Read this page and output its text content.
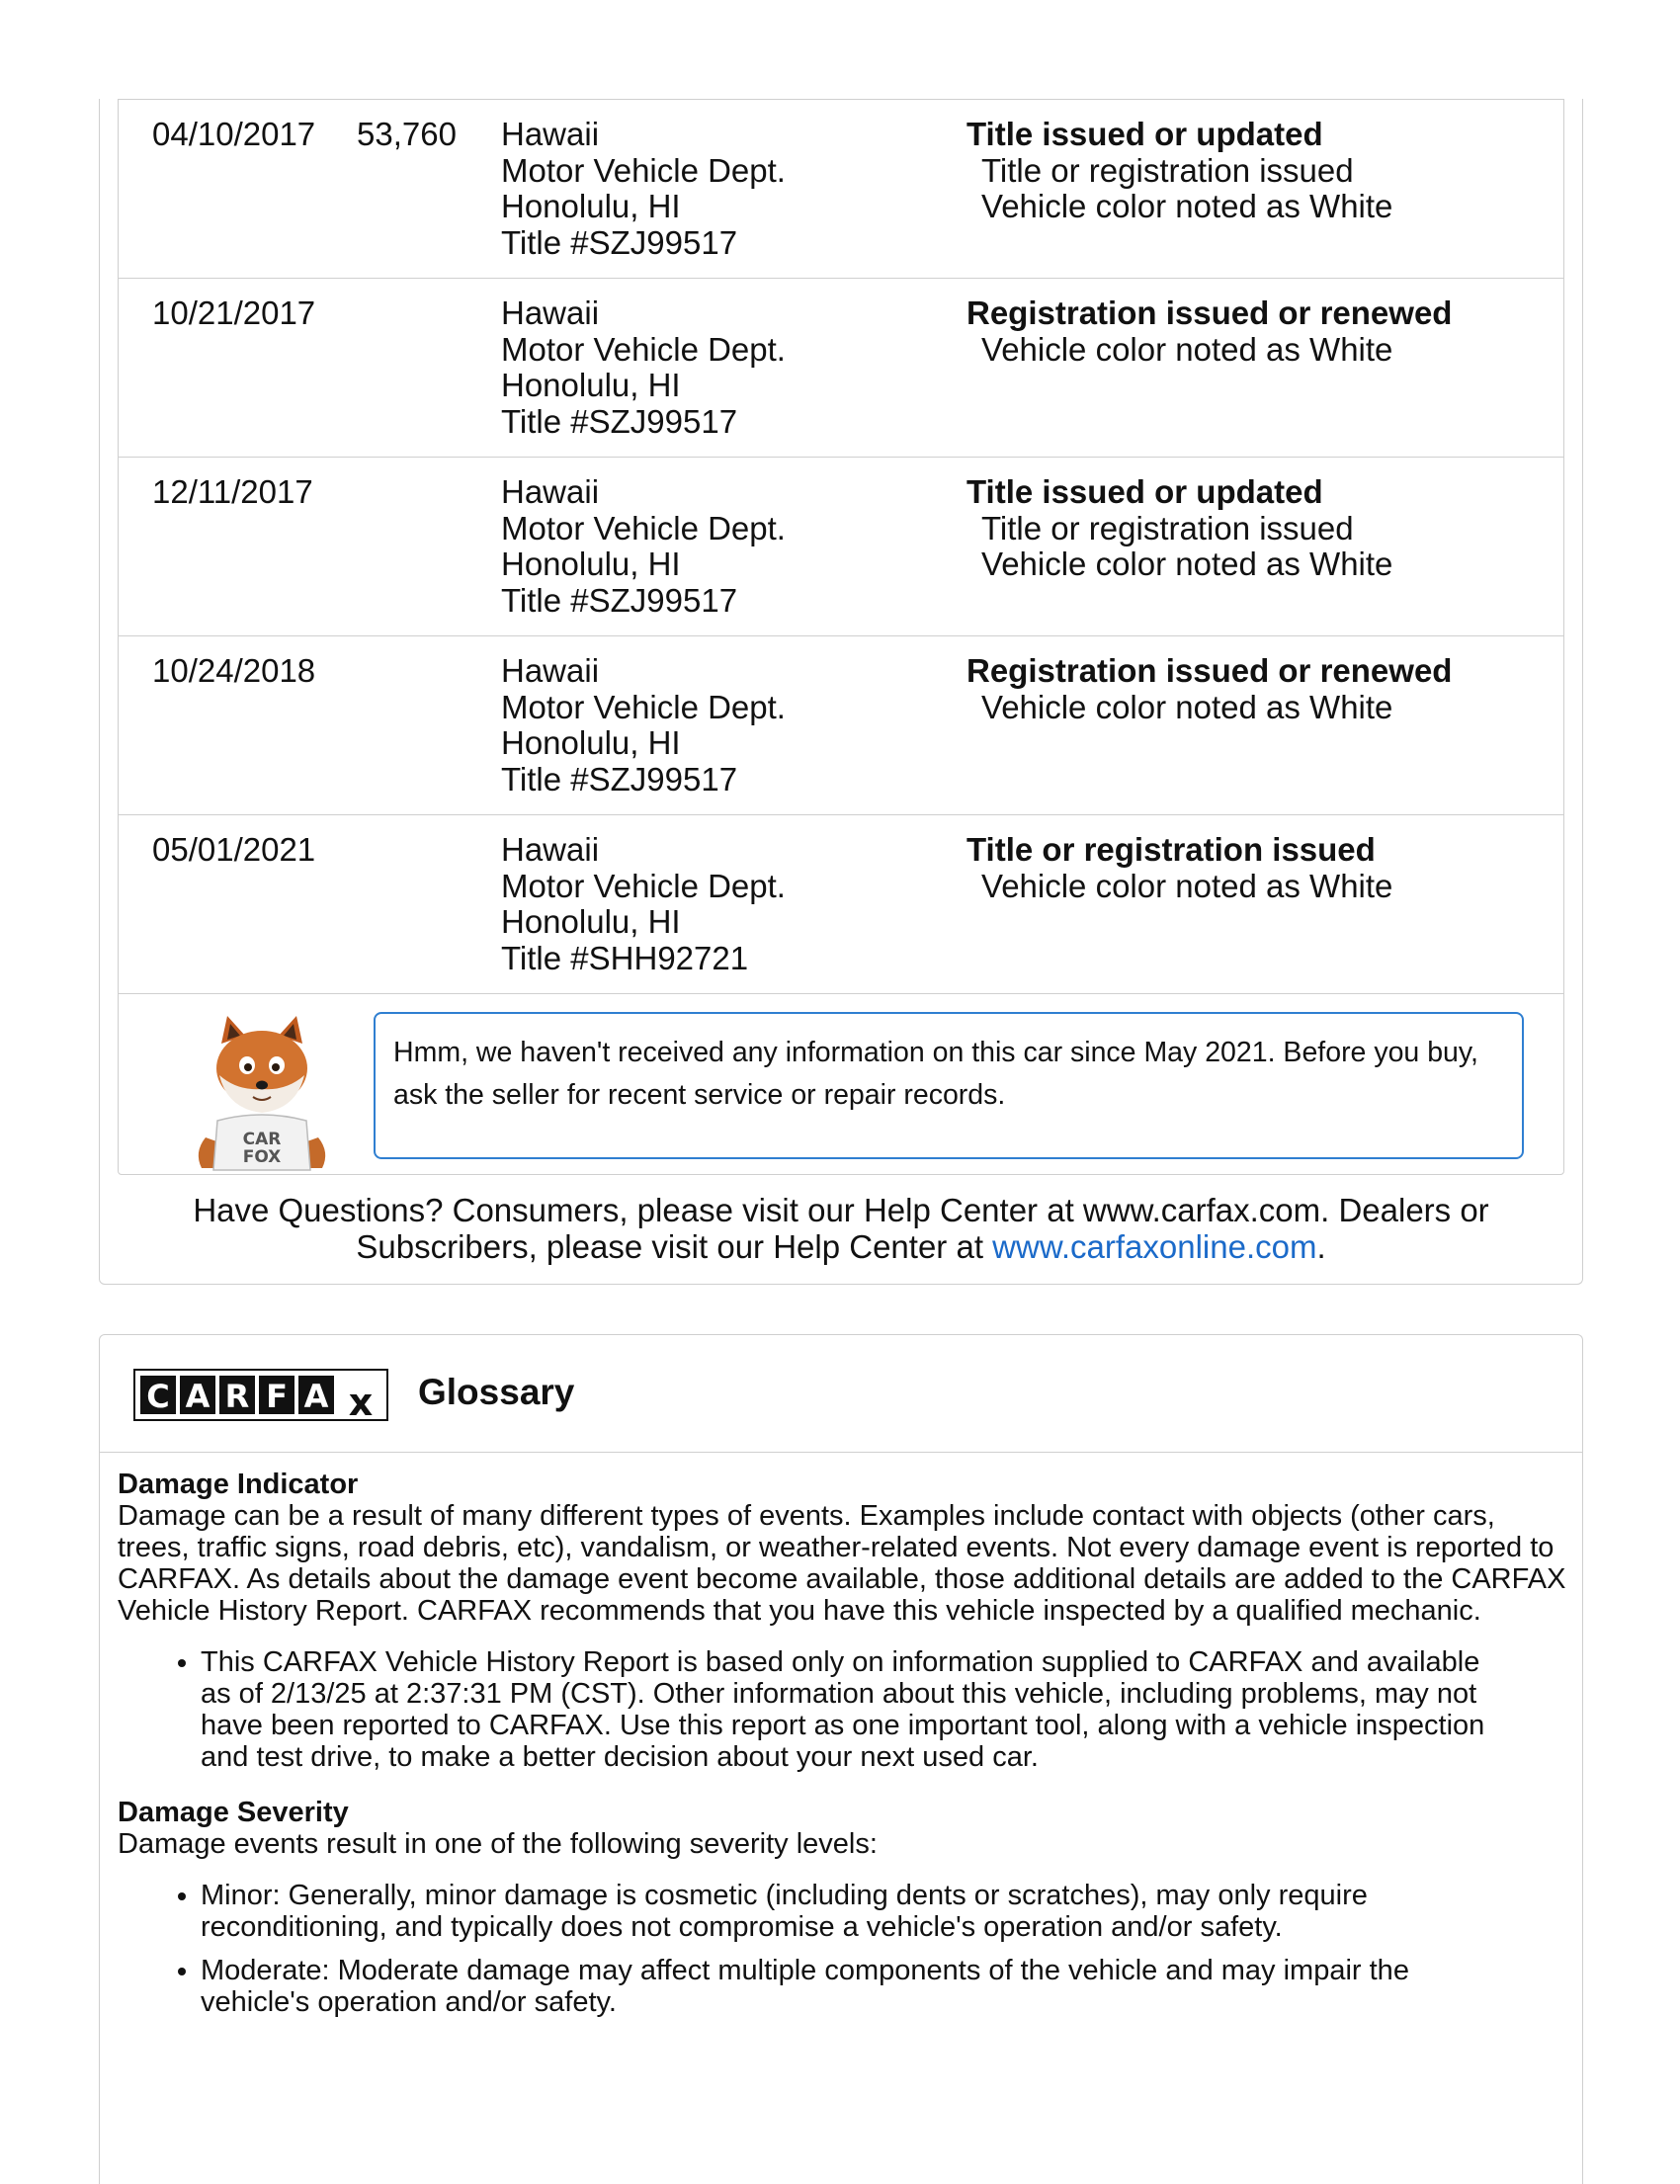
04/10/2017 53,760 Hawaii
Motor Vehicle Dept.
Honolulu, HI
Title #SZJ99517
Title issued or updated
Title or registration issued
Vehicle color noted as White
10/21/2017	Hawaii
Motor Vehicle Dept.
Honolulu, HI
Title #SZJ99517
Registration issued or renewed
Vehicle color noted as White
12/11/2017	Hawaii
Motor Vehicle Dept.
Honolulu, HI
Title #SZJ99517
Title issued or updated
Title or registration issued
Vehicle color noted as White
10/24/2018	Hawaii
Motor Vehicle Dept.
Honolulu, HI
Title #SZJ99517
Registration issued or renewed
Vehicle color noted as White
05/01/2021	Hawaii
Motor Vehicle Dept.
Honolulu, HI
Title #SHH92721
Title or registration issued
Vehicle color noted as White
CAR
FOX
Hmm, we haven't received any information on this car since May 2021. Before you buy, ask the seller for recent service or repair records.
Have Questions? Consumers, please visit our Help Center at www.carfax.com. Dealers or Subscribers, please visit our Help Center at www.carfaxonline.com.
C A R F A x Glossary
Damage Indicator
Damage can be a result of many different types of events. Examples include contact with objects (other cars, trees, traffic signs, road debris, etc), vandalism, or weather-related events. Not every damage event is reported to CARFAX. As details about the damage event become available, those additional details are added to the CARFAX Vehicle History Report. CARFAX recommends that you have this vehicle inspected by a qualified mechanic.
• This CARFAX Vehicle History Report is based only on information supplied to CARFAX and available as of 2/13/25 at 2:37:31 PM (CST). Other information about this vehicle, including problems, may not have been reported to CARFAX. Use this report as one important tool, along with a vehicle inspection and test drive, to make a better decision about your next used car.
Damage Severity
Damage events result in one of the following severity levels:
• Minor: Generally, minor damage is cosmetic (including dents or scratches), may only require reconditioning, and typically does not compromise a vehicle's operation and/or safety.
• Moderate: Moderate damage may affect multiple components of the vehicle and may impair the vehicle's operation and/or safety.
